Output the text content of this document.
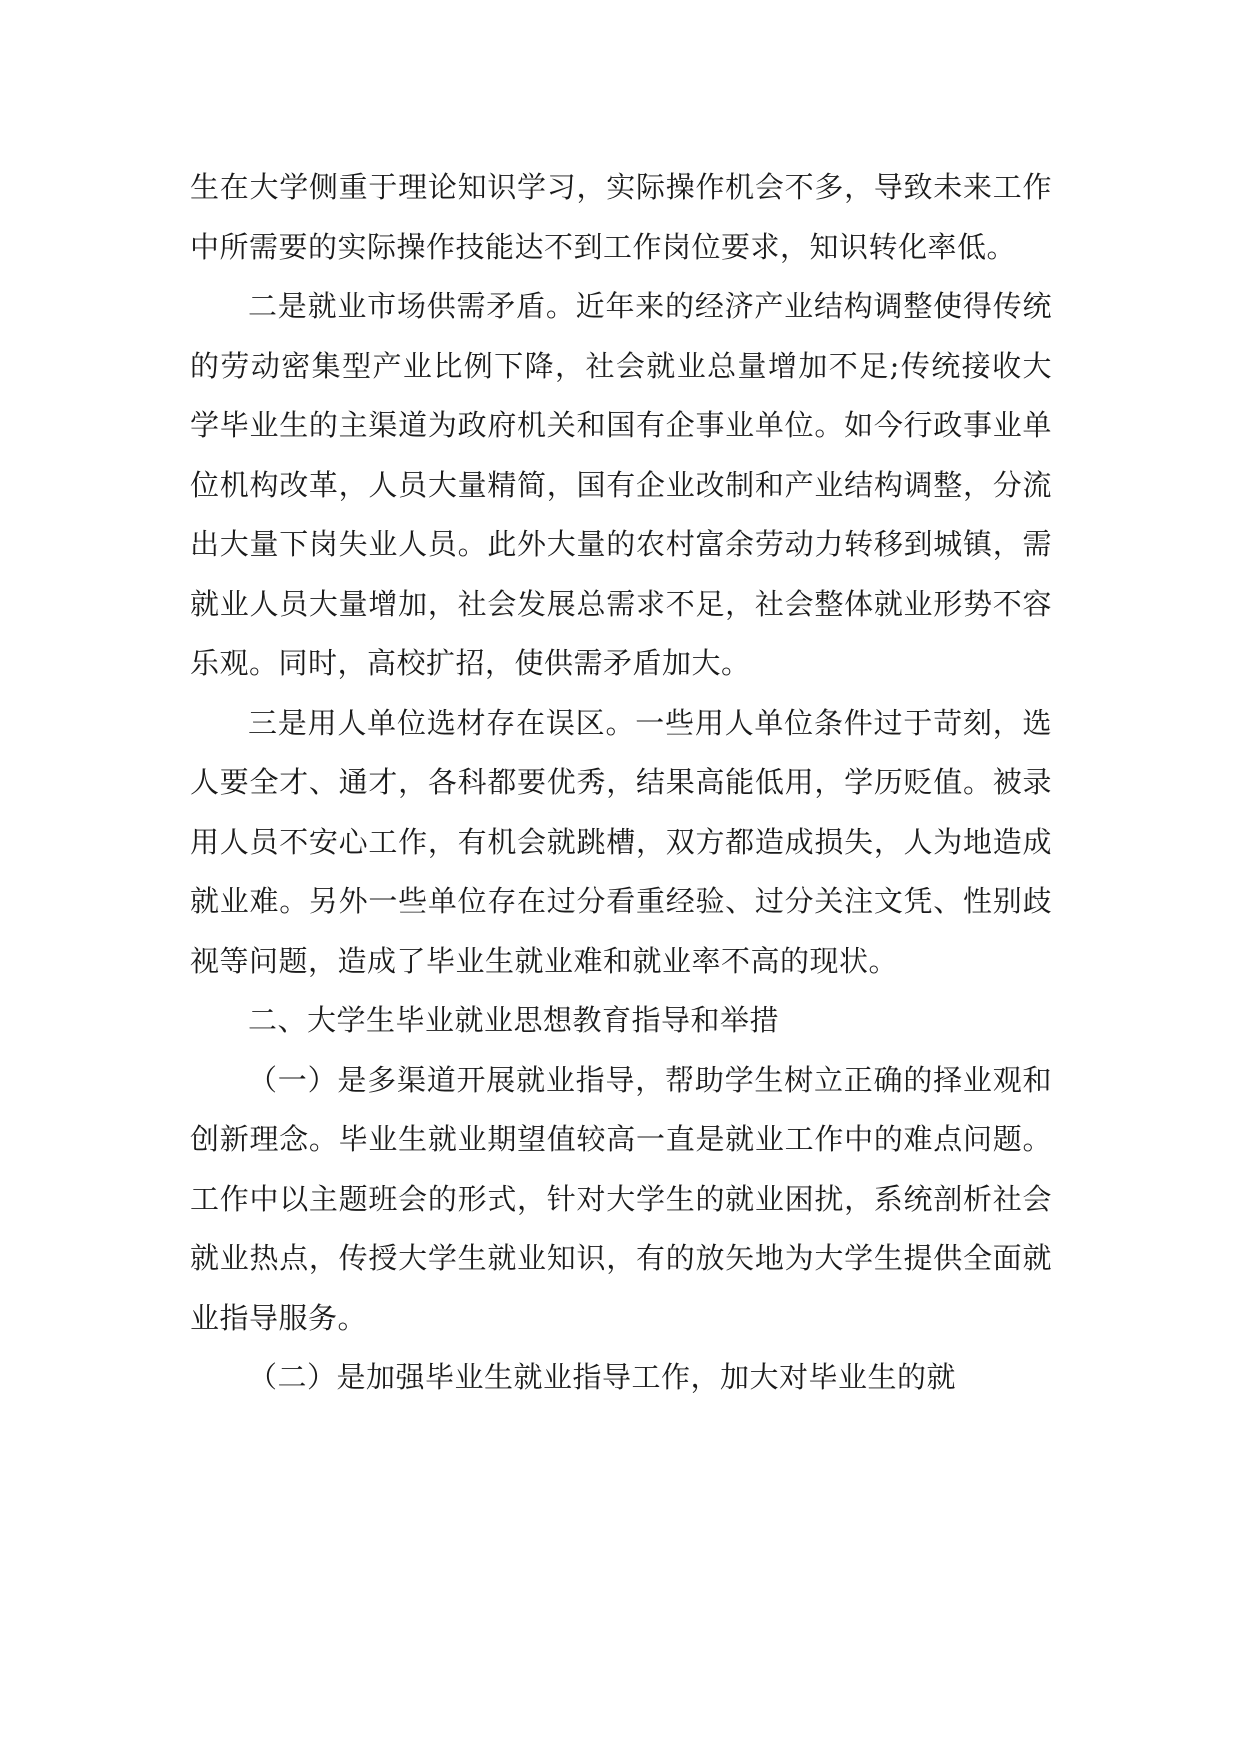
生在大学侧重于理论知识学习，实际操作机会不多，导致未来工作中所需要的实际操作技能达不到工作岗位要求，知识转化率低。

二是就业市场供需矛盾。近年来的经济产业结构调整使得传统的劳动密集型产业比例下降，社会就业总量增加不足;传统接收大学毕业生的主渠道为政府机关和国有企事业单位。如今行政事业单位机构改革，人员大量精简，国有企业改制和产业结构调整，分流出大量下岗失业人员。此外大量的农村富余劳动力转移到城镇，需就业人员大量增加，社会发展总需求不足，社会整体就业形势不容乐观。同时，高校扩招，使供需矛盾加大。

三是用人单位选材存在误区。一些用人单位条件过于苛刻，选人要全才、通才，各科都要优秀，结果高能低用，学历贬值。被录用人员不安心工作，有机会就跳槽，双方都造成损失，人为地造成就业难。另外一些单位存在过分看重经验、过分关注文凭、性别歧视等问题，造成了毕业生就业难和就业率不高的现状。

二、大学生毕业就业思想教育指导和举措

（一）是多渠道开展就业指导，帮助学生树立正确的择业观和创新理念。毕业生就业期望值较高一直是就业工作中的难点问题。工作中以主题班会的形式，针对大学生的就业困扰，系统剖析社会就业热点，传授大学生就业知识，有的放矢地为大学生提供全面就业指导服务。

（二）是加强毕业生就业指导工作，加大对毕业生的就
